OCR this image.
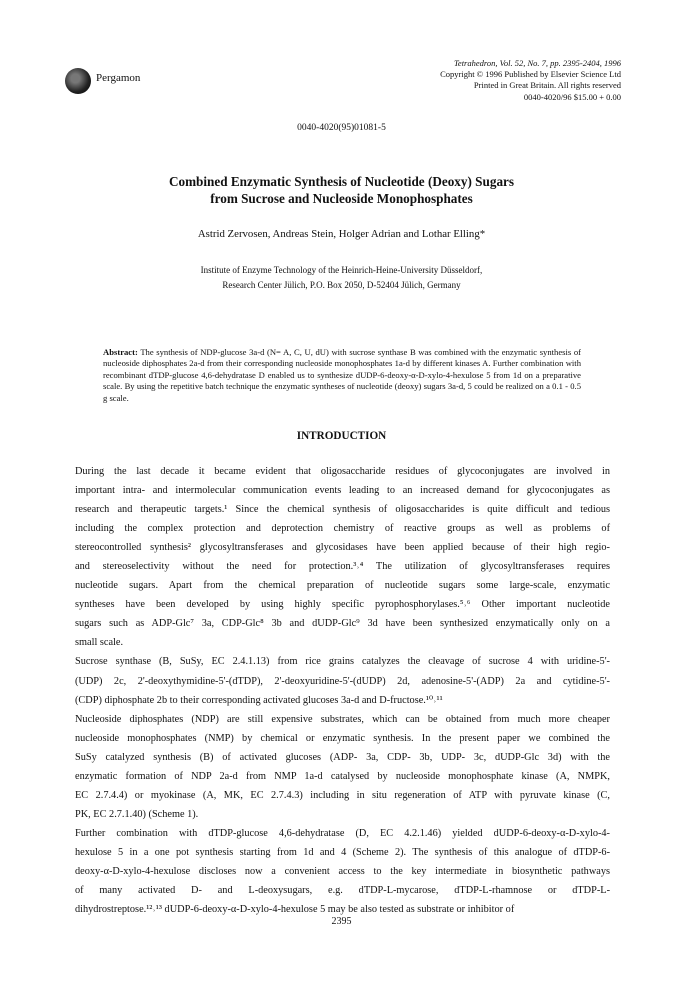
Pergamon
Tetrahedron, Vol. 52, No. 7, pp. 2395-2404, 1996
Copyright © 1996 Published by Elsevier Science Ltd
Printed in Great Britain. All rights reserved
0040-4020/96 $15.00 + 0.00
0040-4020(95)01081-5
Combined Enzymatic Synthesis of Nucleotide (Deoxy) Sugars
from Sucrose and Nucleoside Monophosphates
Astrid Zervosen, Andreas Stein, Holger Adrian and Lothar Elling*
Institute of Enzyme Technology of the Heinrich-Heine-University Düsseldorf,
Research Center Jülich, P.O. Box 2050, D-52404 Jülich, Germany
Abstract: The synthesis of NDP-glucose 3a-d (N= A, C, U, dU) with sucrose synthase B was combined with the enzymatic synthesis of nucleoside diphosphates 2a-d from their corresponding nucleoside monophosphates 1a-d by different kinases A. Further combination with recombinant dTDP-glucose 4,6-dehydratase D enabled us to synthesize dUDP-6-deoxy-α-D-xylo-4-hexulose 5 from 1d on a preparative scale. By using the repetitive batch technique the enzymatic syntheses of nucleotide (deoxy) sugars 3a-d, 5 could be realized on a 0.1 - 0.5 g scale.
INTRODUCTION
During the last decade it became evident that oligosaccharide residues of glycoconjugates are involved in
important intra- and intermolecular communication events leading to an increased demand for glycoconjugates as
research and therapeutic targets.¹ Since the chemical synthesis of oligosaccharides is quite difficult and tedious
including the complex protection and deprotection chemistry of reactive groups as well as problems of
stereocontrolled synthesis² glycosyltransferases and glycosidases have been applied because of their high regio-
and stereoselectivity without the need for protection.³˒⁴ The utilization of glycosyltransferases requires
nucleotide sugars. Apart from the chemical preparation of nucleotide sugars some large-scale, enzymatic
syntheses have been developed by using highly specific pyrophosphorylases.⁵˒⁶ Other important nucleotide
sugars such as ADP-Glc⁷ 3a, CDP-Glc⁸ 3b and dUDP-Glc⁹ 3d have been synthesized enzymatically only on a
small scale.
Sucrose synthase (B, SuSy, EC 2.4.1.13) from rice grains catalyzes the cleavage of sucrose 4 with uridine-5'-
(UDP) 2c, 2'-deoxythymidine-5'-(dTDP), 2'-deoxyuridine-5'-(dUDP) 2d, adenosine-5'-(ADP) 2a and cytidine-5'-
(CDP) diphosphate 2b to their corresponding activated glucoses 3a-d and D-fructose.¹⁰˒¹¹
Nucleoside diphosphates (NDP) are still expensive substrates, which can be obtained from much more cheaper
nucleoside monophosphates (NMP) by chemical or enzymatic synthesis. In the present paper we combined the
SuSy catalyzed synthesis (B) of activated glucoses (ADP- 3a, CDP- 3b, UDP- 3c, dUDP-Glc 3d) with the
enzymatic formation of NDP 2a-d from NMP 1a-d catalysed by nucleoside monophosphate kinase (A, NMPK,
EC 2.7.4.4) or myokinase (A, MK, EC 2.7.4.3) including in situ regeneration of ATP with pyruvate kinase (C,
PK, EC 2.7.1.40) (Scheme 1).
Further combination with dTDP-glucose 4,6-dehydratase (D, EC 4.2.1.46) yielded dUDP-6-deoxy-α-D-xylo-4-
hexulose 5 in a one pot synthesis starting from 1d and 4 (Scheme 2). The synthesis of this analogue of dTDP-6-
deoxy-α-D-xylo-4-hexulose discloses now a convenient access to the key intermediate in biosynthetic pathways
of many activated D- and L-deoxysugars, e.g. dTDP-L-mycarose, dTDP-L-rhamnose or dTDP-L-
dihydrostreptose.¹²˒¹³ dUDP-6-deoxy-α-D-xylo-4-hexulose 5 may be also tested as substrate or inhibitor of
2395
